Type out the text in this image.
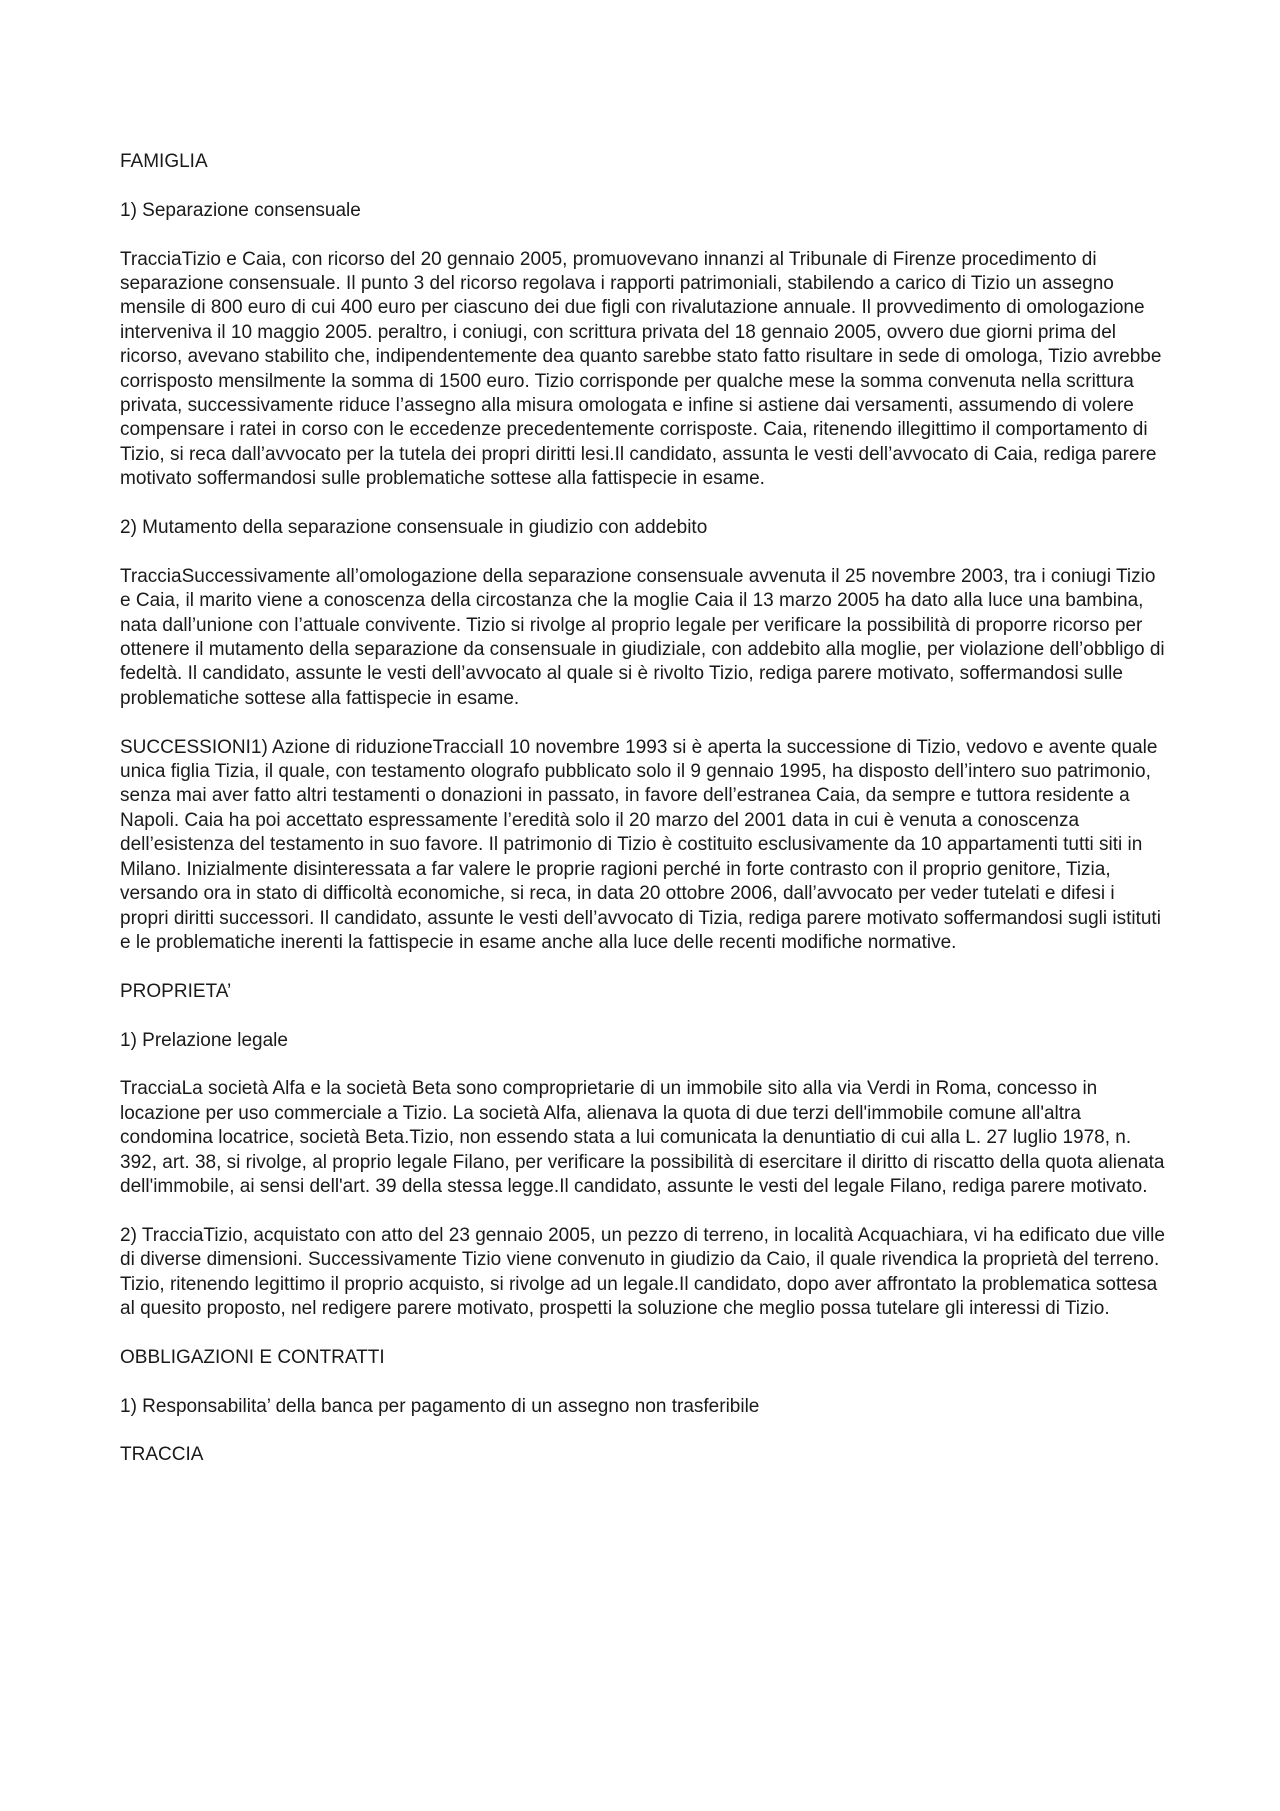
FAMIGLIA

1) Separazione consensuale

TracciaTizio e Caia, con ricorso del 20 gennaio 2005, promuovevano innanzi al Tribunale di Firenze procedimento di separazione consensuale. Il punto 3 del ricorso regolava i rapporti patrimoniali, stabilendo a carico di Tizio un assegno mensile di 800 euro di cui 400 euro per ciascuno dei due figli con rivalutazione annuale. Il provvedimento di omologazione interveniva il 10 maggio 2005. peraltro, i coniugi, con scrittura privata del 18 gennaio 2005, ovvero due giorni prima del ricorso, avevano stabilito che, indipendentemente dea quanto sarebbe stato fatto risultare in sede di omologa, Tizio avrebbe corrisposto mensilmente la somma di 1500 euro. Tizio corrisponde per qualche mese la somma convenuta nella scrittura privata, successivamente riduce l’assegno alla misura omologata e infine si astiene dai versamenti, assumendo di volere compensare i ratei in corso con le eccedenze precedentemente corrisposte. Caia, ritenendo illegittimo il comportamento di Tizio, si reca dall’avvocato per la tutela dei propri diritti lesi.Il candidato, assunta le vesti dell’avvocato di Caia, rediga parere motivato soffermandosi sulle problematiche sottese alla fattispecie in esame.

2) Mutamento della separazione consensuale in giudizio con addebito

TracciaSuccessivamente all’omologazione della separazione consensuale avvenuta il 25 novembre 2003, tra i coniugi Tizio e Caia, il marito viene a conoscenza della circostanza che la moglie Caia il 13 marzo 2005 ha dato alla luce una bambina, nata dall’unione con l’attuale convivente. Tizio si rivolge al proprio legale per verificare la possibilità di proporre ricorso per ottenere il mutamento della separazione da consensuale in giudiziale, con addebito alla moglie, per violazione dell’obbligo di fedeltà. Il candidato, assunte le vesti dell’avvocato al quale si è rivolto Tizio, rediga parere motivato, soffermandosi sulle problematiche sottese alla fattispecie in esame.

SUCCESSIONI1) Azione di riduzioneTracciaIl 10 novembre 1993 si è aperta la successione di Tizio, vedovo e avente quale unica figlia Tizia, il quale, con testamento olografo pubblicato solo il 9 gennaio 1995, ha disposto dell’intero suo patrimonio, senza mai aver fatto altri testamenti o donazioni in passato, in favore dell’estranea Caia, da sempre e tuttora residente a Napoli. Caia ha poi accettato espressamente l’eredità solo il 20 marzo del 2001 data in cui è venuta a conoscenza dell’esistenza del testamento in suo favore. Il patrimonio di Tizio è costituito esclusivamente da 10 appartamenti tutti siti in Milano. Inizialmente disinteressata a far valere le proprie ragioni perché in forte contrasto con il proprio genitore, Tizia, versando ora in stato di difficoltà economiche, si reca, in data 20 ottobre 2006, dall’avvocato per veder tutelati e difesi i propri diritti successori. Il candidato, assunte le vesti dell’avvocato di Tizia, rediga parere motivato soffermandosi sugli istituti e le problematiche inerenti la fattispecie in esame anche alla luce delle recenti modifiche normative.

PROPRIETA’

1) Prelazione legale

TracciaLa società Alfa e la società Beta sono comproprietarie di un immobile sito alla via Verdi in Roma, concesso in locazione per uso commerciale a Tizio. La società Alfa, alienava la quota di due terzi dell'immobile comune all'altra condomina locatrice, società Beta.Tizio, non essendo stata a lui comunicata la denuntiatio di cui alla L. 27 luglio 1978, n. 392, art. 38, si rivolge, al proprio legale Filano, per verificare la possibilità di esercitare il diritto di riscatto della quota alienata dell'immobile, ai sensi dell'art. 39 della stessa legge.Il candidato, assunte le vesti del legale Filano, rediga parere motivato.

2) TracciaTizio, acquistato con atto del 23 gennaio 2005, un pezzo di terreno, in località Acquachiara, vi ha edificato due ville di diverse dimensioni. Successivamente Tizio viene convenuto in giudizio da Caio, il quale rivendica la proprietà del terreno. Tizio, ritenendo legittimo il proprio acquisto, si rivolge ad un legale.Il candidato, dopo aver affrontato la problematica sottesa al quesito proposto, nel redigere parere motivato, prospetti la soluzione che meglio possa tutelare gli interessi di Tizio.

OBBLIGAZIONI E CONTRATTI

1) Responsabilita’ della banca per pagamento di un assegno non trasferibile

TRACCIA
